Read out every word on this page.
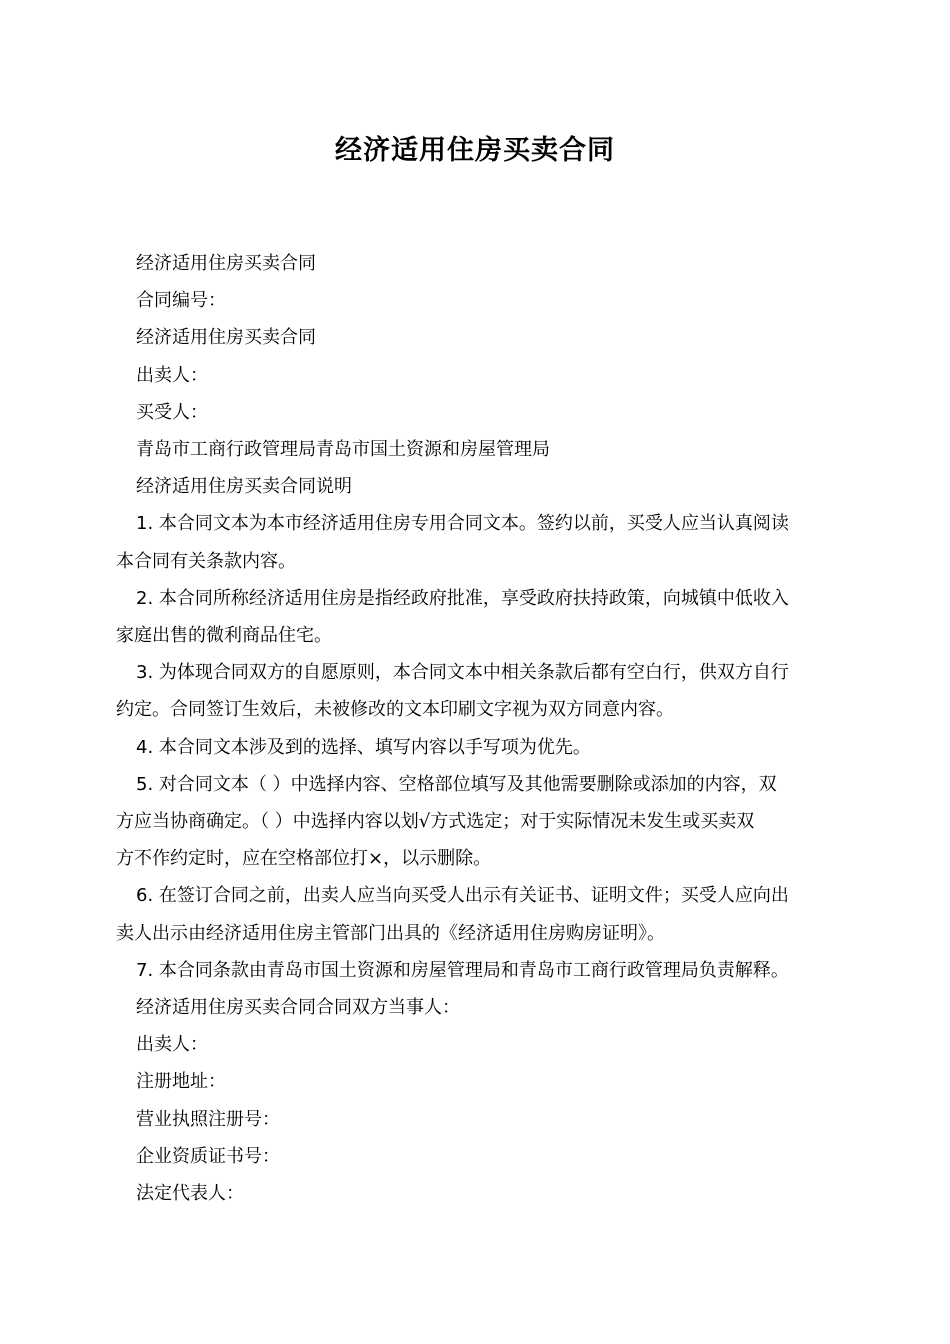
经济适用住房买卖合同
经济适用住房买卖合同
合同编号：
经济适用住房买卖合同
出卖人：
买受人：
青岛市工商行政管理局青岛市国土资源和房屋管理局
经济适用住房买卖合同说明
1. 本合同文本为本市经济适用住房专用合同文本。签约以前，买受人应当认真阅读
本合同有关条款内容。
2. 本合同所称经济适用住房是指经政府批准，享受政府扶持政策，向城镇中低收入
家庭出售的微利商品住宅。
3. 为体现合同双方的自愿原则，本合同文本中相关条款后都有空白行，供双方自行
约定。合同签订生效后，未被修改的文本印刷文字视为双方同意内容。
4. 本合同文本涉及到的选择、填写内容以手写项为优先。
5. 对合同文本（ ）中选择内容、空格部位填写及其他需要删除或添加的内容，双
方应当协商确定。（ ）中选择内容以划√方式选定；对于实际情况未发生或买卖双
方不作约定时，应在空格部位打×，以示删除。
6. 在签订合同之前，出卖人应当向买受人出示有关证书、证明文件；买受人应向出
卖人出示由经济适用住房主管部门出具的《经济适用住房购房证明》。
7. 本合同条款由青岛市国土资源和房屋管理局和青岛市工商行政管理局负责解释。
经济适用住房买卖合同合同双方当事人：
出卖人：
注册地址：
营业执照注册号：
企业资质证书号：
法定代表人：
